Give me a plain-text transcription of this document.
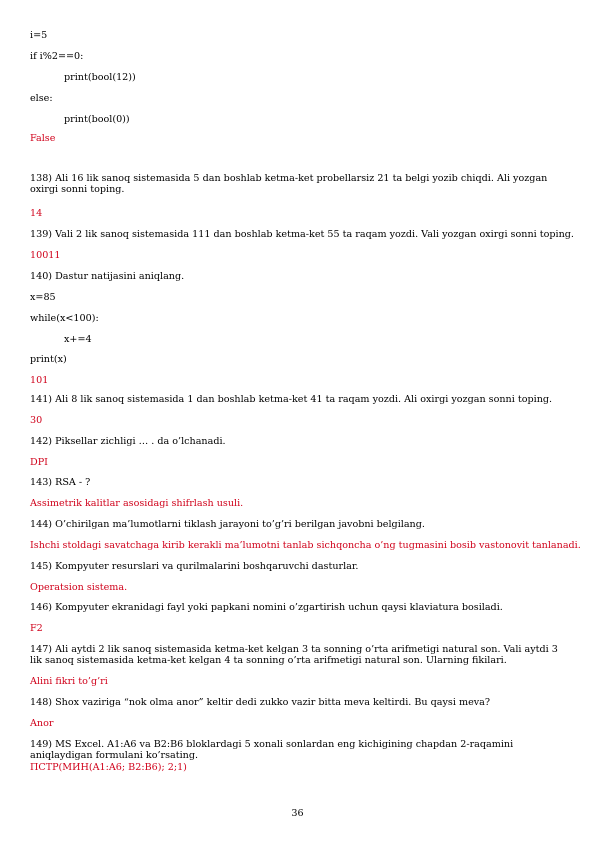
i=5
if i%2==0:
print(bool(12))
else:
print(bool(0))
False
138) Ali 16 lik sanoq sistemasida 5 dan boshlab ketma-ket probellarsiz 21 ta belgi yozib chiqdi. Ali yozgan oxirgi sonni toping.
14
139) Vali 2 lik sanoq sistemasida 111 dan boshlab ketma-ket 55 ta raqam yozdi. Vali yozgan oxirgi sonni toping.
10011
140) Dastur natijasini aniqlang.
x=85
while(x<100):
x+=4
print(x)
101
141) Ali 8 lik sanoq sistemasida 1 dan boshlab ketma-ket 41 ta raqam yozdi. Ali oxirgi yozgan sonni toping.
30
142) Piksellar zichligi … . da o’lchanadi.
DPI
143) RSA - ?
Assimetrik kalitlar asosidagi shifrlash usuli.
144) O’chirilgan ma’lumotlarni tiklash jarayoni to’g’ri berilgan javobni belgilang.
Ishchi stoldagi savatchaga kirib kerakli ma’lumotni tanlab sichqoncha o’ng tugmasini bosib vastonovit tanlanadi.
145) Kompyuter resurslari va qurilmalarini boshqaruvchi dasturlar.
Operatsion sistema.
146) Kompyuter ekranidagi fayl yoki papkani nomini o’zgartirish uchun qaysi klaviatura bosiladi.
F2
147) Ali aytdi 2 lik sanoq sistemasida ketma-ket kelgan 3 ta sonning o’rta arifmetigi natural son. Vali aytdi 3 lik sanoq sistemasida ketma-ket kelgan 4 ta sonning o’rta arifmetigi natural son. Ularning fikilari.
Alini fikri to’g’ri
148) Shox vaziriga “nok olma anor” keltir dedi zukko vazir bitta meva keltirdi. Bu qaysi meva?
Anor
149) MS Excel. A1:A6 va B2:B6 bloklardagi 5 xonali sonlardan eng kichigining chapdan 2-raqamini aniqlaydigan formulani ko’rsating.
ПСТР(МИН(A1:A6; B2:B6); 2;1)
36
